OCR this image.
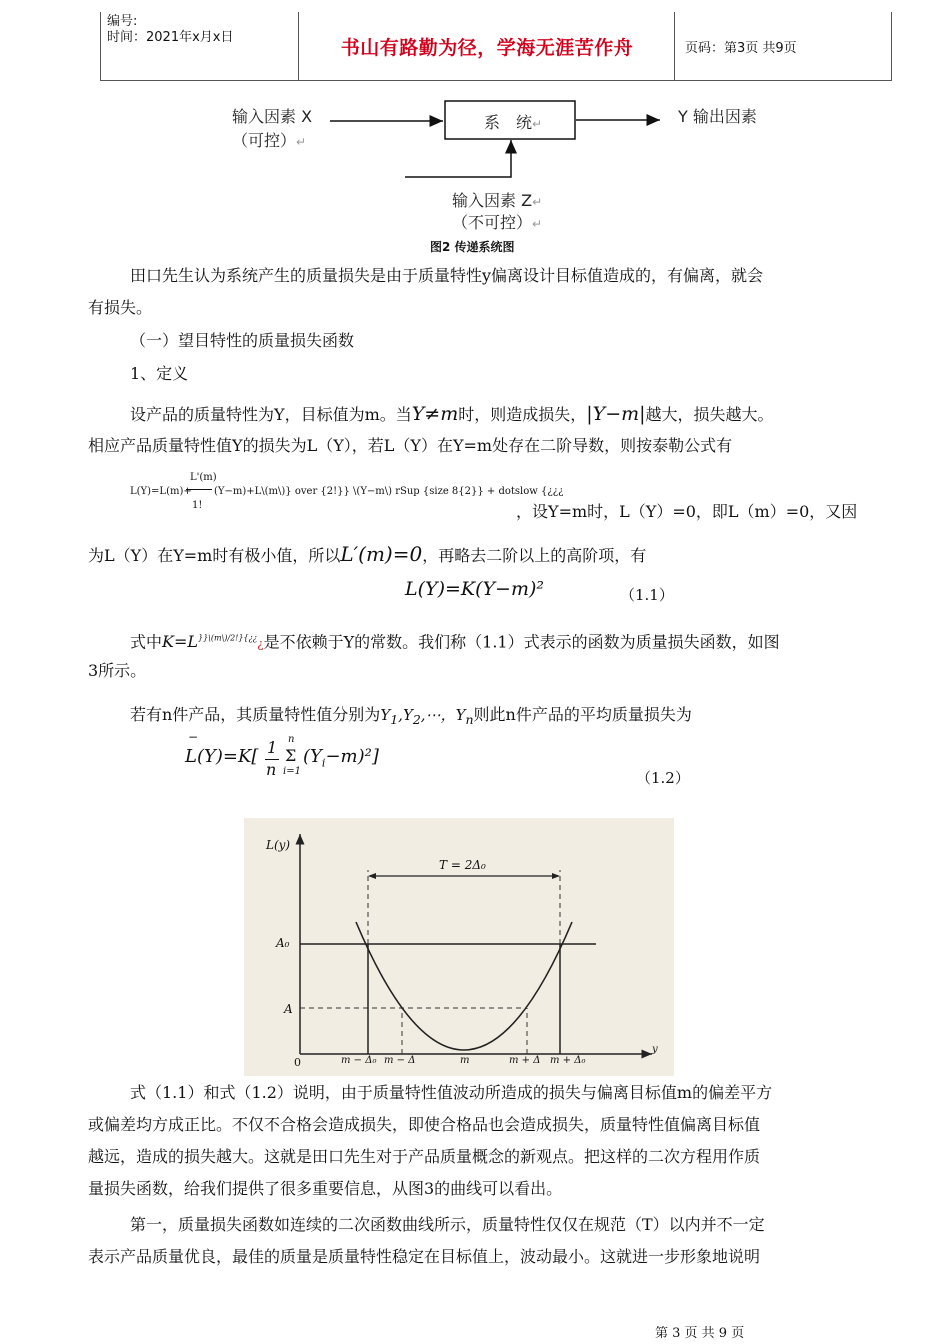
编号:
时间：2021年x月x日	书山有路勤为径，学海无涯苦作舟	页码：第3页 共9页
输入因素 X
（可控）↵
系　统↵	Y 输出因素
输入因素 Z↵
（不可控）↵
图2 传递系统图
田口先生认为系统产生的质量损失是由于质量特性y偏离设计目标值造成的，有偏离，就会
有损失。
（一）望目特性的质量损失函数
1、定义
设产品的质量特性为Y，目标值为m。当Y≠m时，则造成损失，|Y−m|越大，损失越大。
相应产品质量特性值Y的损失为L（Y），若L（Y）在Y=m处存在二阶导数，则按泰勒公式有
L(Y)=L(m)+
L'(m)
1!
(Y−m)+L\(m\)} over {2!}} \(Y−m\) rSup {size 8{2}} + dotslow {¿¿¿
，设Y=m时，L（Y）=0，即L（m）=0，又因
为L（Y）在Y=m时有极小值，所以L′(m)=0，再略去二阶以上的高阶项，有
L(Y)=K(Y−m)²	（1.1）
式中$K=L^{\}\}\backslash(m\backslash)/2!\}\{¿¿}¿$是不依赖于Y的常数。我们称（1.1）式表示的函数为质量损失函数，如图
3所示。
若有n件产品，其质量特性值分别为$Y_1,Y_2,\cdots$，$Y_n$则此n件产品的平均质量损失为
−
L(Y)=K[ 1
n
n
Σ
i=1
$(Y_i-m)^2$]
（1.2）
L(y)
T = 2Δ₀
A₀
A
0	m − Δ₀ m − Δ	m	m + Δ m + Δ₀
y
式（1.1）和式（1.2）说明，由于质量特性值波动所造成的损失与偏离目标值m的偏差平方
或偏差均方成正比。不仅不合格会造成损失，即使合格品也会造成损失，质量特性值偏离目标值
越远，造成的损失越大。这就是田口先生对于产品质量概念的新观点。把这样的二次方程用作质
量损失函数，给我们提供了很多重要信息，从图3的曲线可以看出。
第一，质量损失函数如连续的二次函数曲线所示，质量特性仅仅在规范（T）以内并不一定
表示产品质量优良，最佳的质量是质量特性稳定在目标值上，波动最小。这就进一步形象地说明
第 3 页 共 9 页
